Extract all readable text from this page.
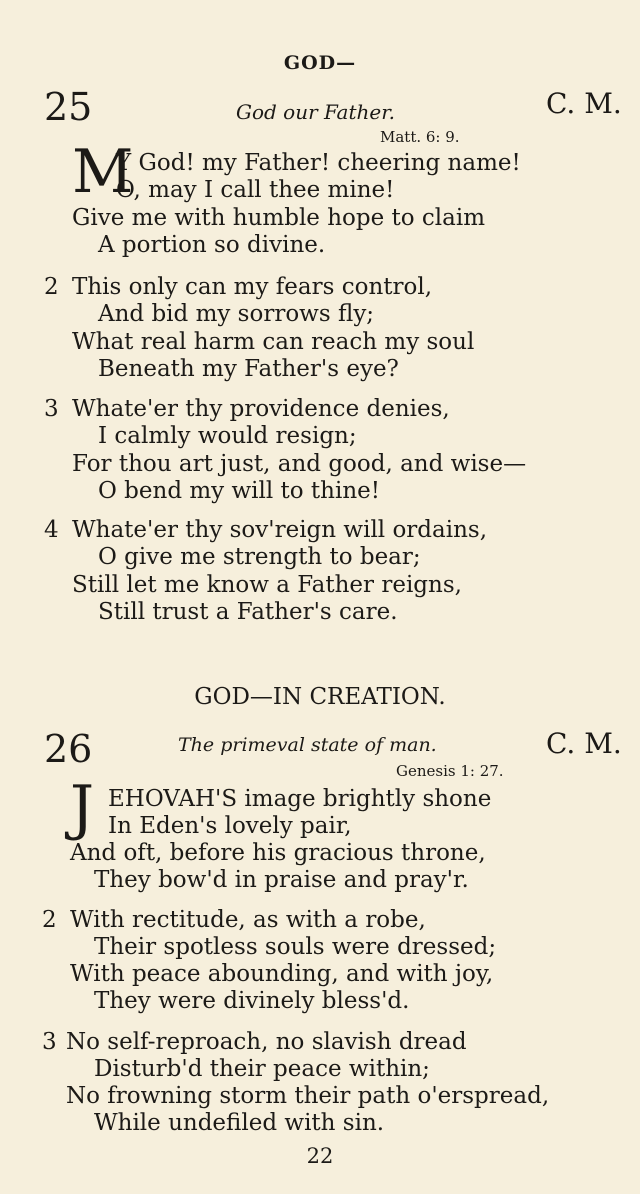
GOD—
25	God our Father.	C. M.
Matt. 6: 9.
M
Y God! my Father! cheering name!
O, may I call thee mine!
Give me with humble hope to claim
A portion so divine.
2 This only can my fears control,
And bid my sorrows fly;
What real harm can reach my soul
Beneath my Father's eye?
3 Whate'er thy providence denies,
I calmly would resign;
For thou art just, and good, and wise—
O bend my will to thine!
4 Whate'er thy sov'reign will ordains,
O give me strength to bear;
Still let me know a Father reigns,
Still trust a Father's care.
GOD—IN CREATION.
26	The primeval state of man.	C. M.
Genesis 1: 27.
J EHOVAH'S image brightly shone
In Eden's lovely pair,
And oft, before his gracious throne,
They bow'd in praise and pray'r.
2 With rectitude, as with a robe,
Their spotless souls were dressed;
With peace abounding, and with joy,
They were divinely bless'd.
3 No self-reproach, no slavish dread
Disturb'd their peace within;
No frowning storm their path o'erspread,
While undefiled with sin.
22
